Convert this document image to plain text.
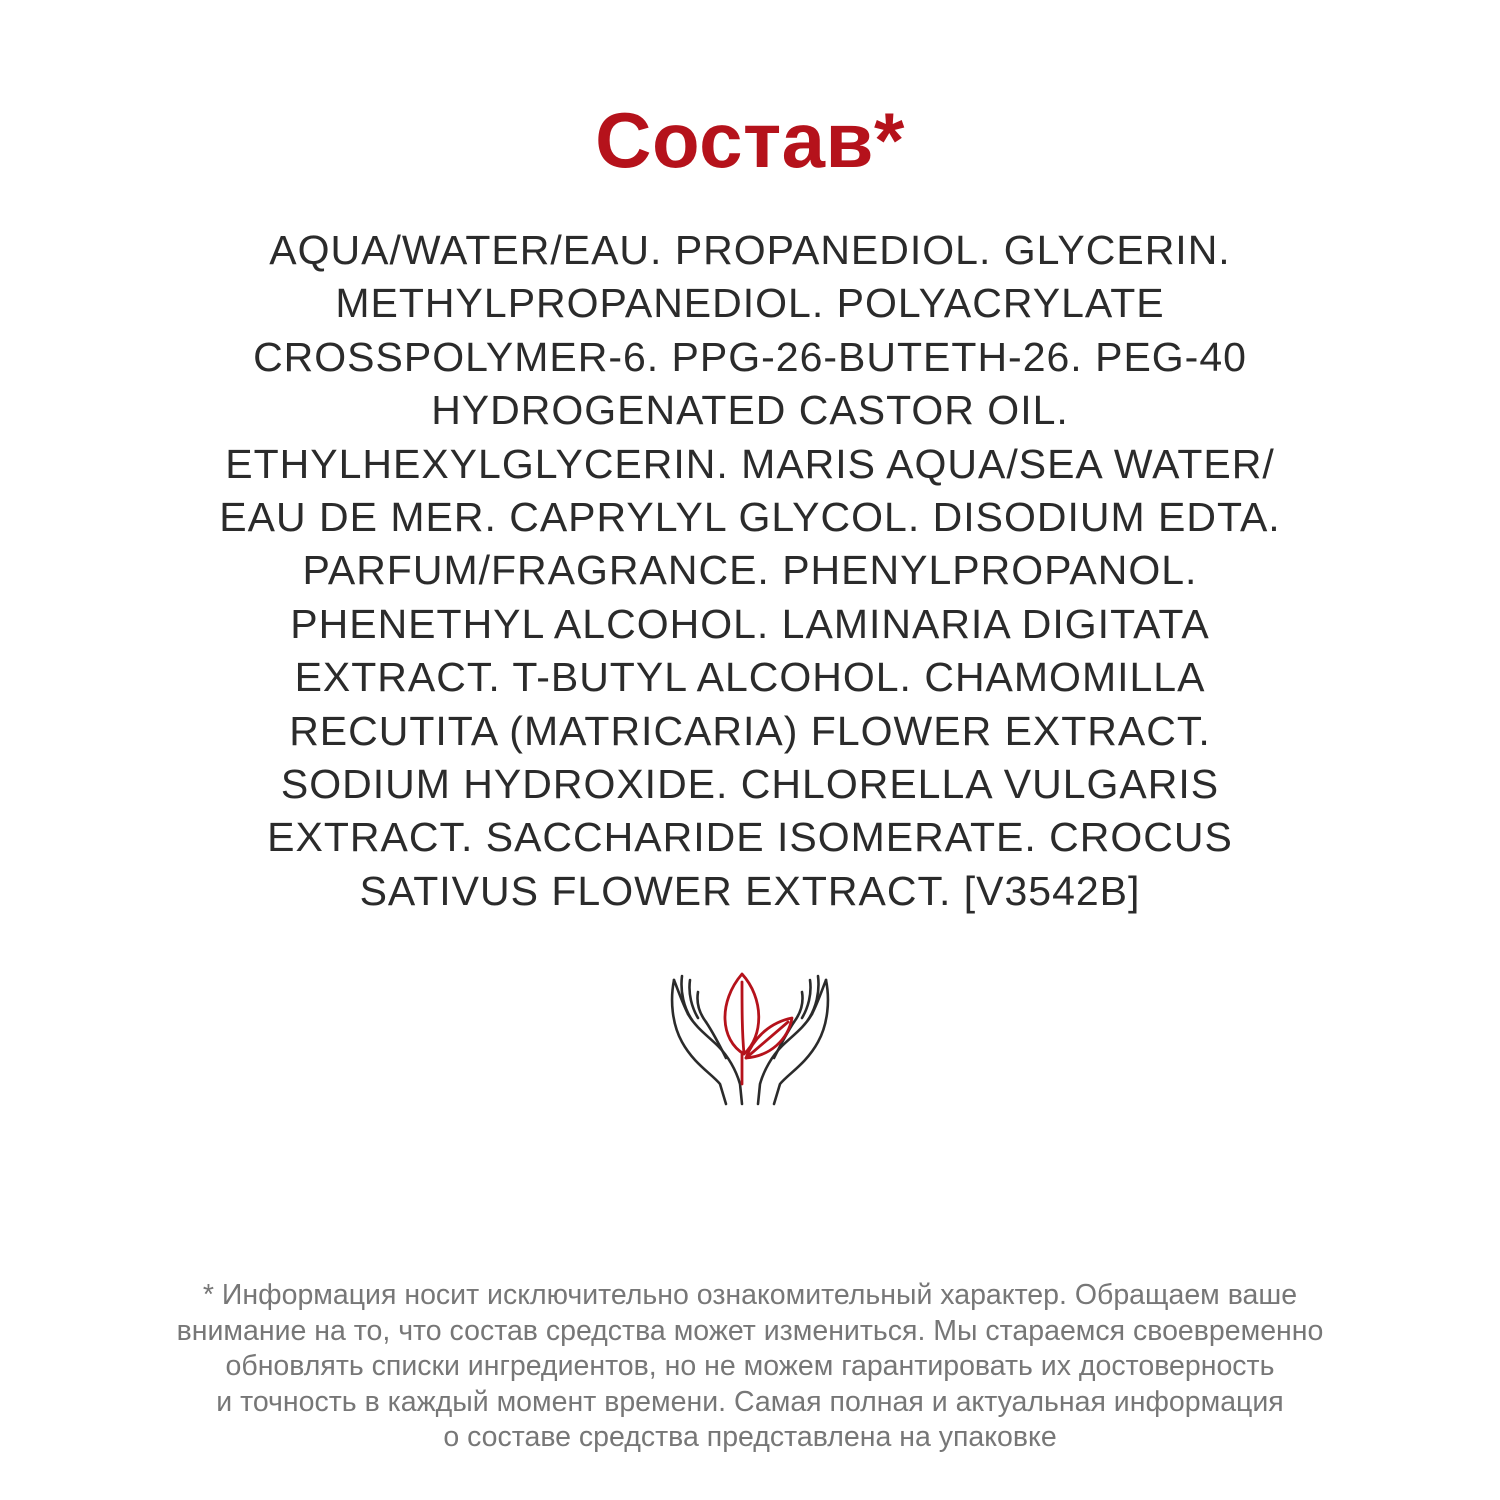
Состав*
AQUA/WATER/EAU. PROPANEDIOL. GLYCERIN.
METHYLPROPANEDIOL. POLYACRYLATE
CROSSPOLYMER-6. PPG-26-BUTETH-26. PEG-40
HYDROGENATED CASTOR OIL.
ETHYLHEXYLGLYCERIN. MARIS AQUA/SEA WATER/
EAU DE MER. CAPRYLYL GLYCOL. DISODIUM EDTA.
PARFUM/FRAGRANCE. PHENYLPROPANOL.
PHENETHYL ALCOHOL. LAMINARIA DIGITATA
EXTRACT. T-BUTYL ALCOHOL. CHAMOMILLA
RECUTITA (MATRICARIA) FLOWER EXTRACT.
SODIUM HYDROXIDE. CHLORELLA VULGARIS
EXTRACT. SACCHARIDE ISOMERATE. CROCUS
SATIVUS FLOWER EXTRACT. [V3542B]
* Информация носит исключительно ознакомительный характер. Обращаем ваше
внимание на то, что состав средства может измениться. Мы стараемся своевременно
обновлять списки ингредиентов, но не можем гарантировать их достоверность
и точность в каждый момент времени. Самая полная и актуальная информация
о составе средства представлена на упаковке
